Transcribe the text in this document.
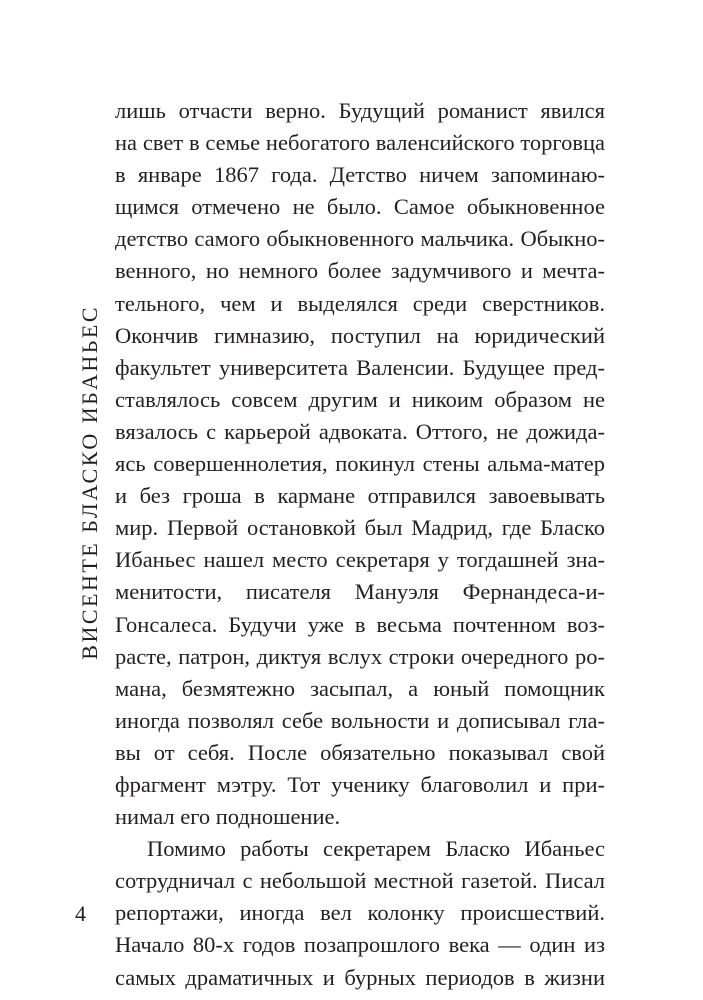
ВИСЕНТЕ БЛАСКО ИБАНЬЕС
лишь отчасти верно. Будущий романист явился
на свет в семье небогатого валенсийского торговца
в январе 1867 года. Детство ничем запоминаю-
щимся отмечено не было. Самое обыкновенное
детство самого обыкновенного мальчика. Обыкно-
венного, но немного более задумчивого и мечта-
тельного, чем и выделялся среди сверстников.
Окончив гимназию, поступил на юридический
факультет университета Валенсии. Будущее пред-
ставлялось совсем другим и никоим образом не
вязалось с карьерой адвоката. Оттого, не дожида-
ясь совершеннолетия, покинул стены альма-матер
и без гроша в кармане отправился завоевывать
мир. Первой остановкой был Мадрид, где Бласко
Ибаньес нашел место секретаря у тогдашней зна-
менитости, писателя Мануэля Фернандеса-и-
Гонсалеса. Будучи уже в весьма почтенном воз-
расте, патрон, диктуя вслух строки очередного ро-
мана, безмятежно засыпал, а юный помощник
иногда позволял себе вольности и дописывал гла-
вы от себя. После обязательно показывал свой
фрагмент мэтру. Тот ученику благоволил и при-
нимал его подношение.
Помимо работы секретарем Бласко Ибаньес
сотрудничал с небольшой местной газетой. Писал
репортажи, иногда вел колонку происшествий.
Начало 80-х годов позапрошлого века — один из
самых драматичных и бурных периодов в жизни
4
